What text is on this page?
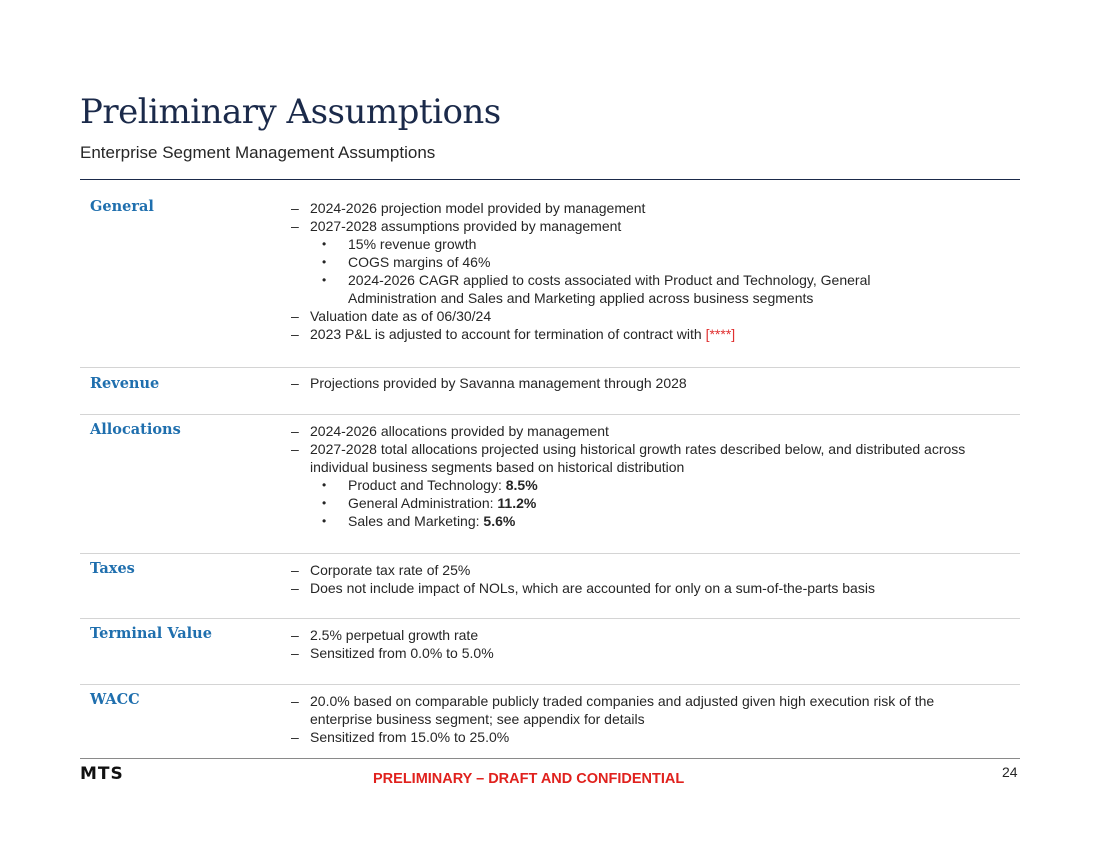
Preliminary Assumptions

Enterprise Segment Management Assumptions

General	– 2024-2026 projection model provided by management
– 2027-2028 assumptions provided by management
• 15% revenue growth
• COGS margins of 46%
• 2024-2026 CAGR applied to costs associated with Product and Technology, General Administration and Sales and Marketing applied across business segments
– Valuation date as of 06/30/24
– 2023 P&L is adjusted to account for termination of contract with [****]
Revenue	– Projections provided by Savanna management through 2028
Allocations	– 2024-2026 allocations provided by management
– 2027-2028 total allocations projected using historical growth rates described below, and distributed across individual business segments based on historical distribution
• Product and Technology: 8.5%
• General Administration: 11.2%
• Sales and Marketing: 5.6%
Taxes	– Corporate tax rate of 25%
– Does not include impact of NOLs, which are accounted for only on a sum-of-the-parts basis
Terminal Value	– 2.5% perpetual growth rate
– Sensitized from 0.0% to 5.0%
WACC	– 20.0% based on comparable publicly traded companies and adjusted given high execution risk of the enterprise business segment; see appendix for details
– Sensitized from 15.0% to 25.0%
MTS	PRELIMINARY – DRAFT AND CONFIDENTIAL	24
